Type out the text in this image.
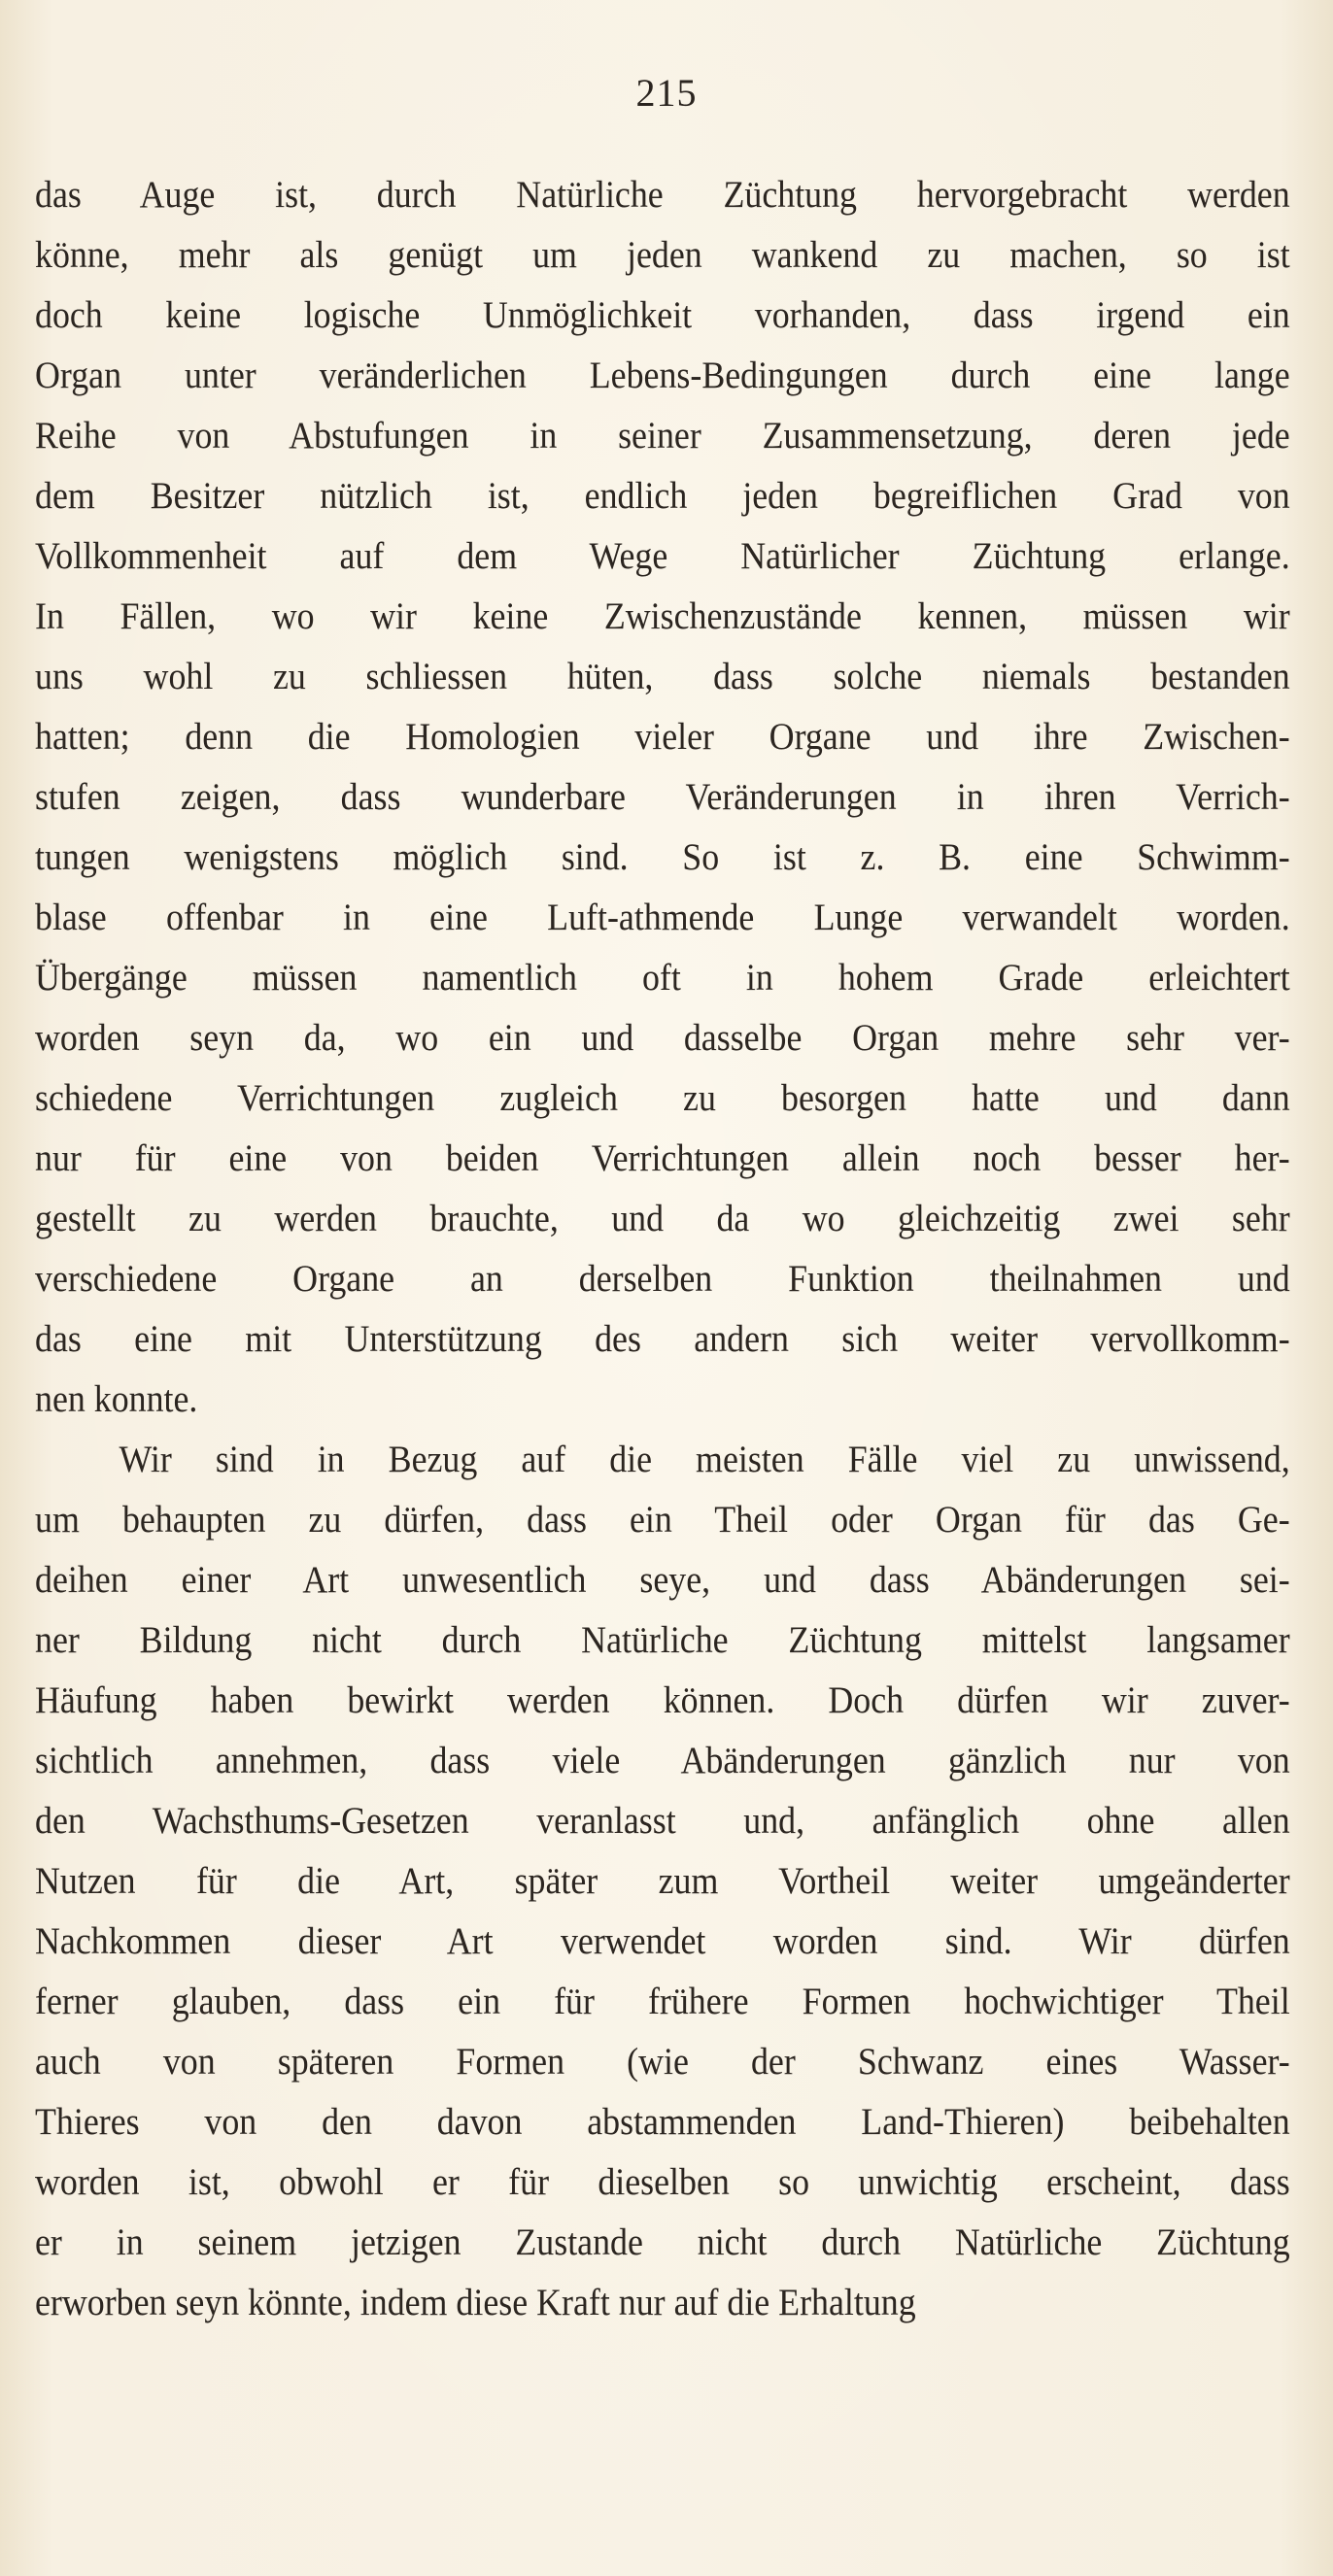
215
das Auge ist, durch Natürliche Züchtung hervorgebracht werden
könne, mehr als genügt um jeden wankend zu machen, so ist
doch keine logische Unmöglichkeit vorhanden, dass irgend ein
Organ unter veränderlichen Lebens-Bedingungen durch eine lange
Reihe von Abstufungen in seiner Zusammensetzung, deren jede
dem Besitzer nützlich ist, endlich jeden begreiflichen Grad von
Vollkommenheit auf dem Wege Natürlicher Züchtung erlange.
In Fällen, wo wir keine Zwischenzustände kennen, müssen wir
uns wohl zu schliessen hüten, dass solche niemals bestanden
hatten; denn die Homologien vieler Organe und ihre Zwischen-
stufen zeigen, dass wunderbare Veränderungen in ihren Verrich-
tungen wenigstens möglich sind. So ist z. B. eine Schwimm-
blase offenbar in eine Luft-athmende Lunge verwandelt worden.
Übergänge müssen namentlich oft in hohem Grade erleichtert
worden seyn da, wo ein und dasselbe Organ mehre sehr ver-
schiedene Verrichtungen zugleich zu besorgen hatte und dann
nur für eine von beiden Verrichtungen allein noch besser her-
gestellt zu werden brauchte, und da wo gleichzeitig zwei sehr
verschiedene Organe an derselben Funktion theilnahmen und
das eine mit Unterstützung des andern sich weiter vervollkomm-
nen konnte.
Wir sind in Bezug auf die meisten Fälle viel zu unwissend,
um behaupten zu dürfen, dass ein Theil oder Organ für das Ge-
deihen einer Art unwesentlich seye, und dass Abänderungen sei-
ner Bildung nicht durch Natürliche Züchtung mittelst langsamer
Häufung haben bewirkt werden können. Doch dürfen wir zuver-
sichtlich annehmen, dass viele Abänderungen gänzlich nur von
den Wachsthums-Gesetzen veranlasst und, anfänglich ohne allen
Nutzen für die Art, später zum Vortheil weiter umgeänderter
Nachkommen dieser Art verwendet worden sind. Wir dürfen
ferner glauben, dass ein für frühere Formen hochwichtiger Theil
auch von späteren Formen (wie der Schwanz eines Wasser-
Thieres von den davon abstammenden Land-Thieren) beibehalten
worden ist, obwohl er für dieselben so unwichtig erscheint, dass
er in seinem jetzigen Zustande nicht durch Natürliche Züchtung
erworben seyn könnte, indem diese Kraft nur auf die Erhaltung
